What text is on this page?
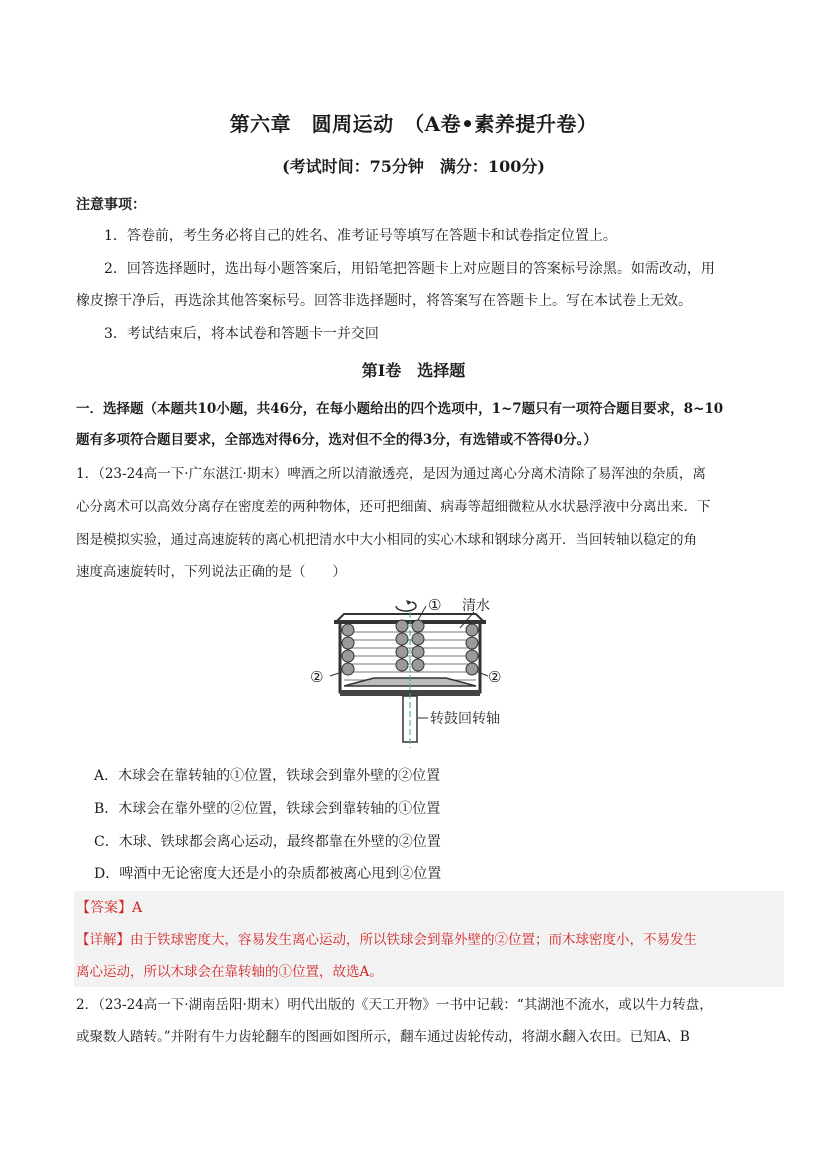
第六章　圆周运动　（A卷•素养提升卷）
(考试时间：75分钟　满分：100分)
注意事项：
1．答卷前，考生务必将自己的姓名、准考证号等填写在答题卡和试卷指定位置上。
2．回答选择题时，选出每小题答案后，用铅笔把答题卡上对应题目的答案标号涂黑。如需改动，用
橡皮擦干净后，再选涂其他答案标号。回答非选择题时，将答案写在答题卡上。写在本试卷上无效。
3．考试结束后，将本试卷和答题卡一并交回
第Ⅰ卷　选择题
一．选择题（本题共10小题，共46分，在每小题给出的四个选项中，1~7题只有一项符合题目要求，8~10
题有多项符合题目要求，全部选对得6分，选对但不全的得3分，有选错或不答得0分。）
1．（23-24高一下·广东湛江·期末）啤酒之所以清澈透亮，是因为通过离心分离术清除了易浑浊的杂质，离
心分离术可以高效分离存在密度差的两种物体，还可把细菌、病毒等超细微粒从水状悬浮液中分离出来．下
图是模拟实验，通过高速旋转的离心机把清水中大小相同的实心木球和钢球分离开．当回转轴以稳定的角
速度高速旋转时，下列说法正确的是（　　）
① 清水
②	②
转鼓回转轴
A．木球会在靠转轴的①位置，铁球会到靠外壁的②位置
B．木球会在靠外壁的②位置，铁球会到靠转轴的①位置
C．木球、铁球都会离心运动，最终都靠在外壁的②位置
D．啤酒中无论密度大还是小的杂质都被离心甩到②位置
【答案】A
【详解】由于铁球密度大，容易发生离心运动，所以铁球会到靠外壁的②位置；而木球密度小，不易发生
离心运动，所以木球会在靠转轴的①位置，故选A。
2．（23-24高一下·湖南岳阳·期末）明代出版的《天工开物》一书中记载：“其湖池不流水，或以牛力转盘，
或聚数人踏转。”并附有牛力齿轮翻车的图画如图所示，翻车通过齿轮传动，将湖水翻入农田。已知A、B
